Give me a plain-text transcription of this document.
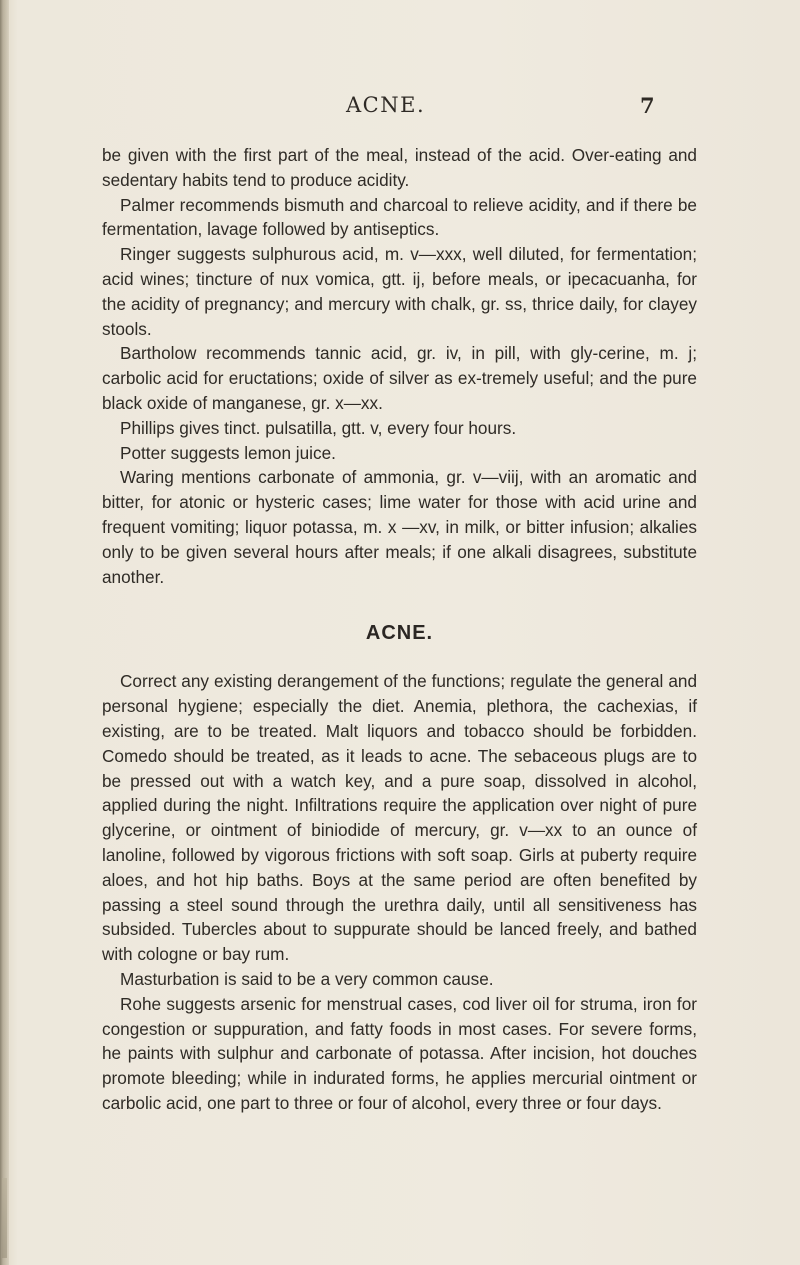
ACNE.	7

be given with the first part of the meal, instead of the acid. Over-eating and sedentary habits tend to produce acidity.

Palmer recommends bismuth and charcoal to relieve acidity, and if there be fermentation, lavage followed by antiseptics.

Ringer suggests sulphurous acid, m. v—xxx, well diluted, for fermentation; acid wines; tincture of nux vomica, gtt. ij, before meals, or ipecacuanha, for the acidity of pregnancy; and mercury with chalk, gr. ss, thrice daily, for clayey stools.

Bartholow recommends tannic acid, gr. iv, in pill, with gly-cerine, m. j; carbolic acid for eructations; oxide of silver as ex-tremely useful; and the pure black oxide of manganese, gr. x—xx.

Phillips gives tinct. pulsatilla, gtt. v, every four hours.

Potter suggests lemon juice.

Waring mentions carbonate of ammonia, gr. v—viij, with an aromatic and bitter, for atonic or hysteric cases; lime water for those with acid urine and frequent vomiting; liquor potassa, m. x —xv, in milk, or bitter infusion; alkalies only to be given several hours after meals; if one alkali disagrees, substitute another.

ACNE.

Correct any existing derangement of the functions; regulate the general and personal hygiene; especially the diet. Anemia, plethora, the cachexias, if existing, are to be treated. Malt liquors and tobacco should be forbidden. Comedo should be treated, as it leads to acne. The sebaceous plugs are to be pressed out with a watch key, and a pure soap, dissolved in alcohol, applied during the night. Infiltrations require the application over night of pure glycerine, or ointment of biniodide of mercury, gr. v—xx to an ounce of lanoline, followed by vigorous frictions with soft soap. Girls at puberty require aloes, and hot hip baths. Boys at the same period are often benefited by passing a steel sound through the urethra daily, until all sensitiveness has subsided. Tubercles about to suppurate should be lanced freely, and bathed with cologne or bay rum.

Masturbation is said to be a very common cause.

Rohe suggests arsenic for menstrual cases, cod liver oil for struma, iron for congestion or suppuration, and fatty foods in most cases. For severe forms, he paints with sulphur and carbonate of potassa. After incision, hot douches promote bleeding; while in indurated forms, he applies mercurial ointment or carbolic acid, one part to three or four of alcohol, every three or four days.
